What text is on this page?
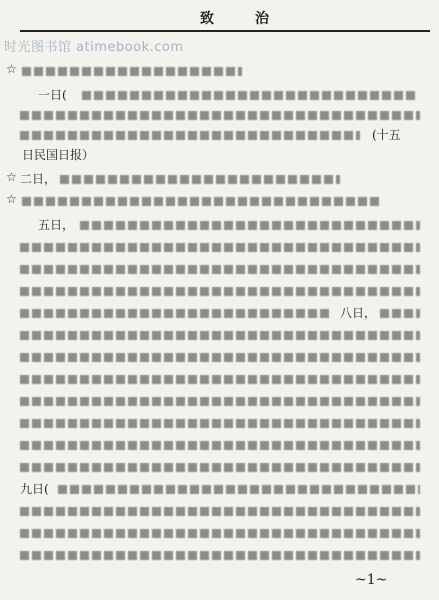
时光图书馆 atimebook.com
致	治
☆
一日(
(十五
日民国日报）
☆ 二日，
☆
五日，
八日，
九日(
~1~
